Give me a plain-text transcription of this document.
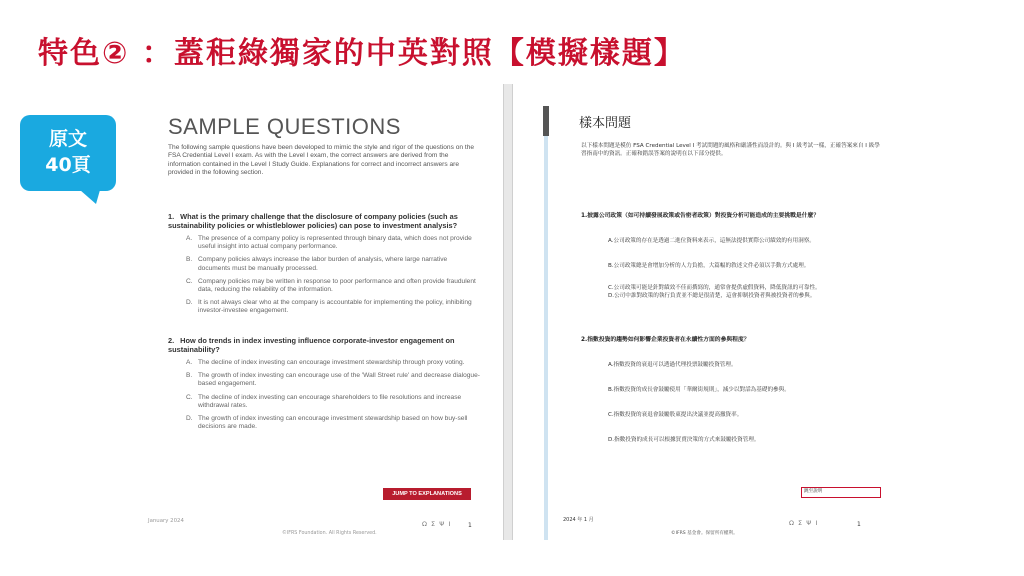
特色② ：蓋秬綠獨家的中英對照【模擬樣題】
原文
40頁
SAMPLE QUESTIONS
The following sample questions have been developed to mimic the style and rigor of the questions on the FSA Credential Level I exam. As with the Level I exam, the correct answers are derived from the information contained in the Level I Study Guide. Explanations for correct and incorrect answers are provided in the following section.
1. What is the primary challenge that the disclosure of company policies (such as sustainability policies or whistleblower policies) can pose to investment analysis?
A. The presence of a company policy is represented through binary data, which does not provide useful insight into actual company performance.
B. Company policies always increase the labor burden of analysis, where large narrative documents must be manually processed.
C. Company policies may be written in response to poor performance and often provide fraudulent data, reducing the reliability of the information.
D. It is not always clear who at the company is accountable for implementing the policy, inhibiting investor-investee engagement.
2. How do trends in index investing influence corporate-investor engagement on sustainability?
A. The decline of index investing can encourage investment stewardship through proxy voting.
B. The growth of index investing can encourage use of the 'Wall Street rule' and decrease dialogue-based engagement.
C. The decline of index investing can encourage shareholders to file resolutions and increase withdrawal rates.
D. The growth of index investing can encourage investment stewardship based on how buy-sell decisions are made.
JUMP TO EXPLANATIONS
January 2024	Ω Σ Ψ Ι	1
©IFRS Foundation. All Rights Reserved.
樣本問題
以下樣本問題是模仿 FSA Credential Level I 考試問題的風格和嚴謹性而設計的。與 I 級考試一樣，正確答案來自 I 級學習指南中的資訊。正確和錯誤答案的說明在以下部分提供。
1.披露公司政策（如可持續發展政策或告密者政策）對投資分析可能造成的主要挑戰是什麼？
A.公司政策的存在是透過二進位資料來表示，這無法提供實際公司績效的有用洞察。
B.公司政策總是會增加分析的人力負擔，大篇幅的敘述文件必須以手動方式處理。
C.公司政策可能是針對績效不佳而撰寫的，通常會提供虛假資料，降低資訊的可靠性。
D.公司中誰對政策的執行負責並不總是很清楚，這會抑制投資者與被投資者的參與。
2.指數投資的趨勢如何影響企業投資者在永續性方面的參與程度？
A.指數投資的衰退可以透過代理投票鼓勵投資管理。
B.指數投資的成長會鼓勵使用「華爾街規則」，減少以對話為基礎的參與。
C.指數投資的衰退會鼓勵股東提出決議並提高撤資率。
D.指數投資的成長可以根據買賣決策的方式來鼓勵投資管理。
跳至說明
2024 年 1 月	Ω Σ Ψ Ι	1
©IFRS 基金會。保留所有權利。
